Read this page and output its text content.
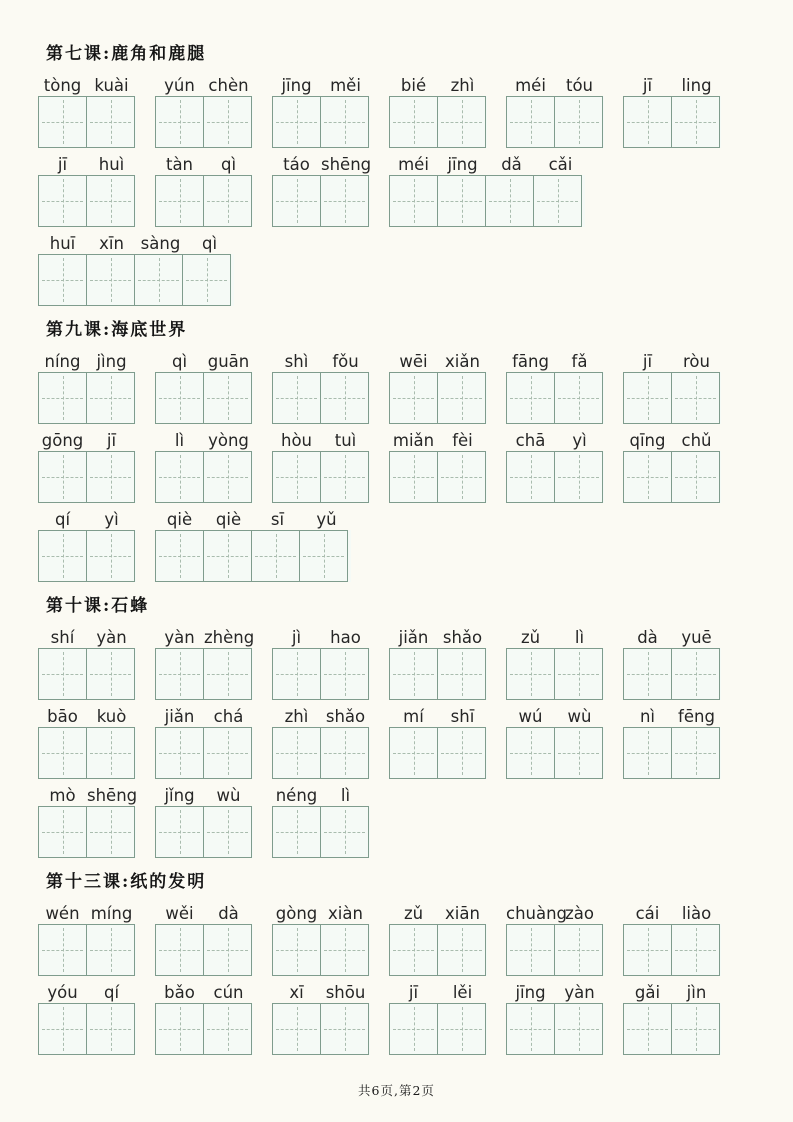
第七课:鹿角和鹿腿
tòng kuài	yún chèn	jīng	měi	bié	zhì	méi	tóu	jī	ling
jī	huì	tàn	qì	táo shēng	méi	jīng	dǎ	cǎi
huī	xīn	sàng	qì
第九课:海底世界
níng jìng	qì	guān	shì	fǒu	wēi	xiǎn	fāng	fǎ	jī	ròu
gōng	jī	lì	yòng	hòu	tuì	miǎn	fèi	chā	yì	qīng chǔ
qí	yì	qiè	qiè	sī	yǔ
第十课:石蜂
shí	yàn	yàn zhèng	jì	hao	jiǎn shǎo	zǔ	lì	dà	yuē
bāo	kuò	jiǎn	chá	zhì	shǎo	mí	shī	wú	wù	nì	fēng
mò shēng	jǐng	wù	néng	lì
第十三课:纸的发明
wén míng	wěi	dà	gòng xiàn	zǔ	xiān	chuàng
zào	cái	liào
yóu	qí	bǎo	cún	xī	shōu	jī	lěi	jīng	yàn	gǎi	jìn
共6页,第2页
